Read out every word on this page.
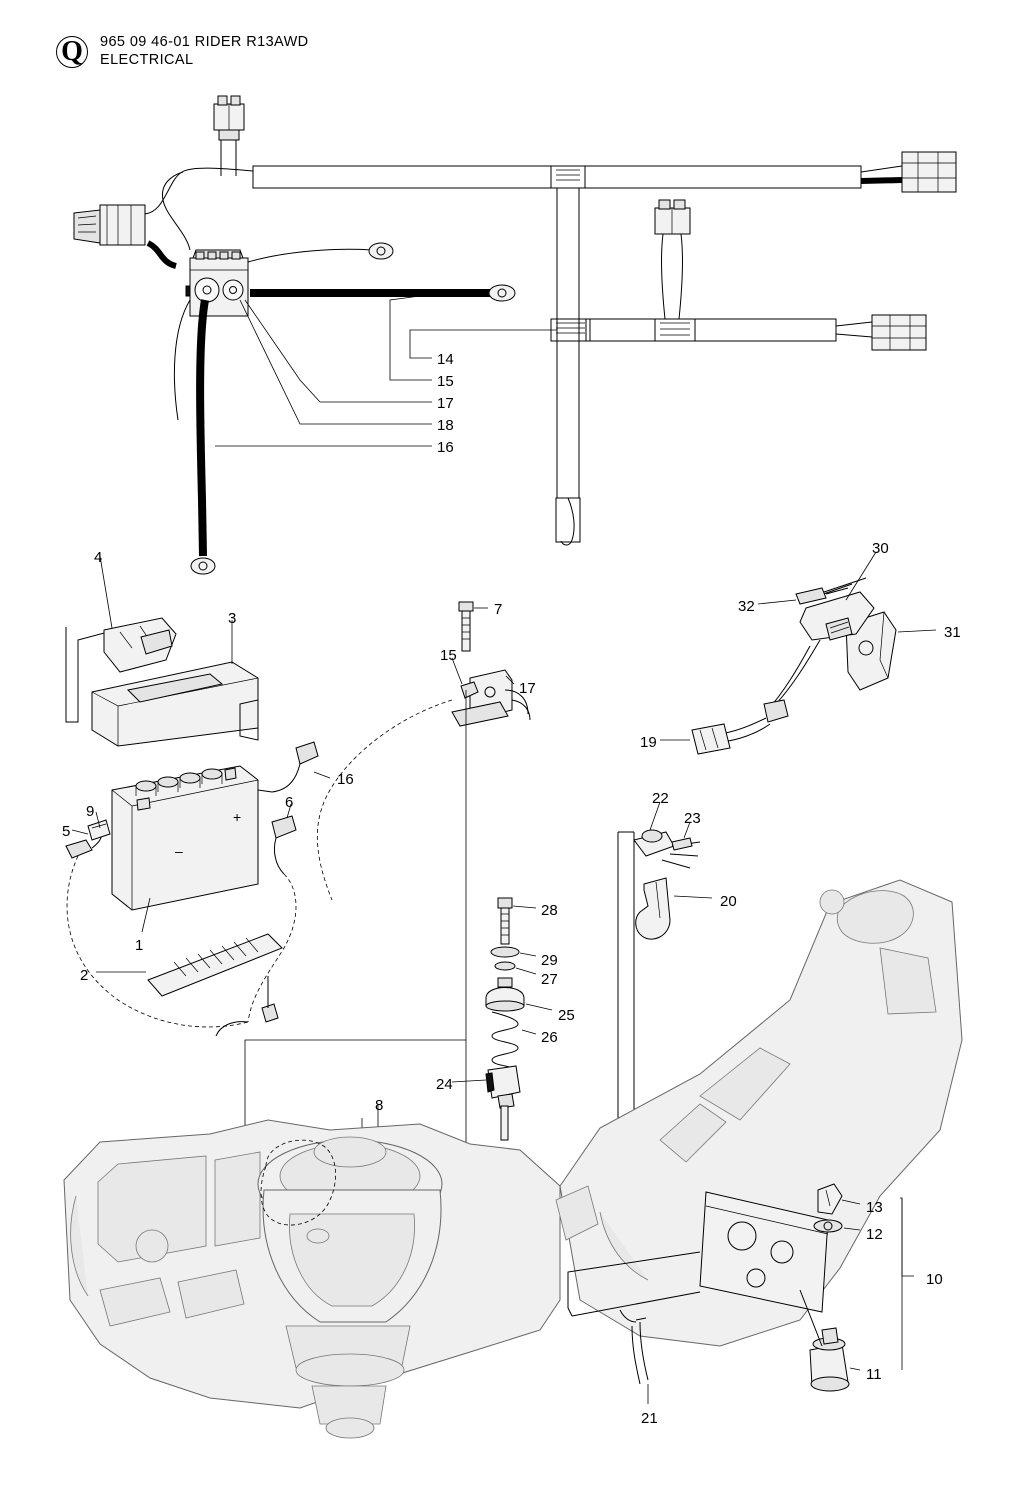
Q	965 09 46-01 RIDER R13AWD
ELECTRICAL
+
–
14
15
17
18
16
4
3
7
15
17
30
32
31
19
16
6
9
5
22
23
20
1
2
28
29
27
25
26
24
8
13
12
10
11
21
